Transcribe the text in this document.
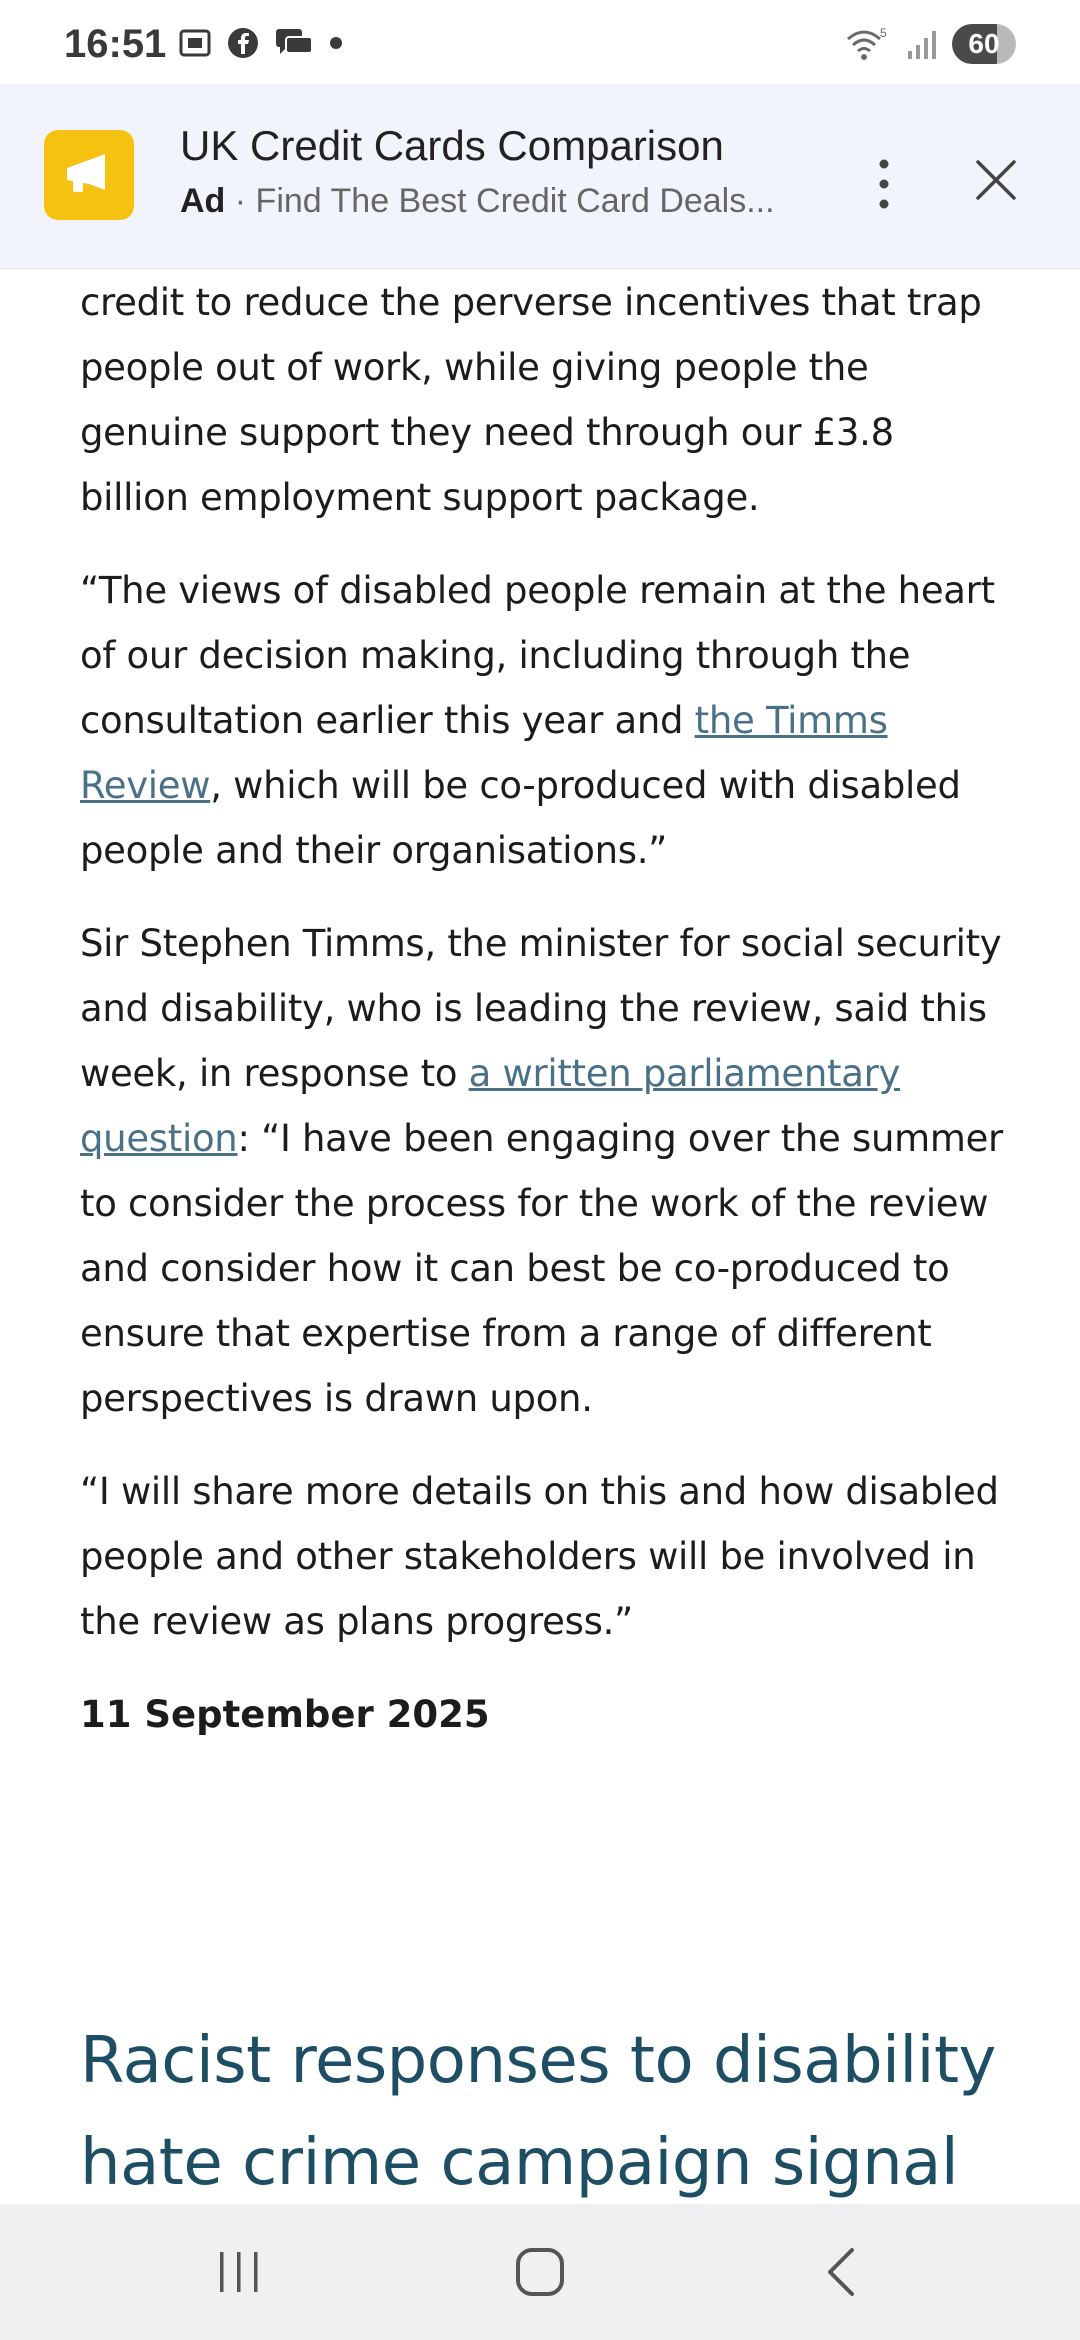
16:51	5	60
UK Credit Cards Comparison
Ad · Find The Best Credit Card Deals...

credit to reduce the perverse incentives that trap people out of work, while giving people the genuine support they need through our £3.8 billion employment support package.

“The views of disabled people remain at the heart of our decision making, including through the consultation earlier this year and the Timms Review, which will be co-produced with disabled people and their organisations.”

Sir Stephen Timms, the minister for social security and disability, who is leading the review, said this week, in response to a written parliamentary question: “I have been engaging over the summer to consider the process for the work of the review and consider how it can best be co-produced to ensure that expertise from a range of different perspectives is drawn upon.

“I will share more details on this and how disabled people and other stakeholders will be involved in the review as plans progress.”

11 September 2025
Racist responses to disability hate crime campaign signal
